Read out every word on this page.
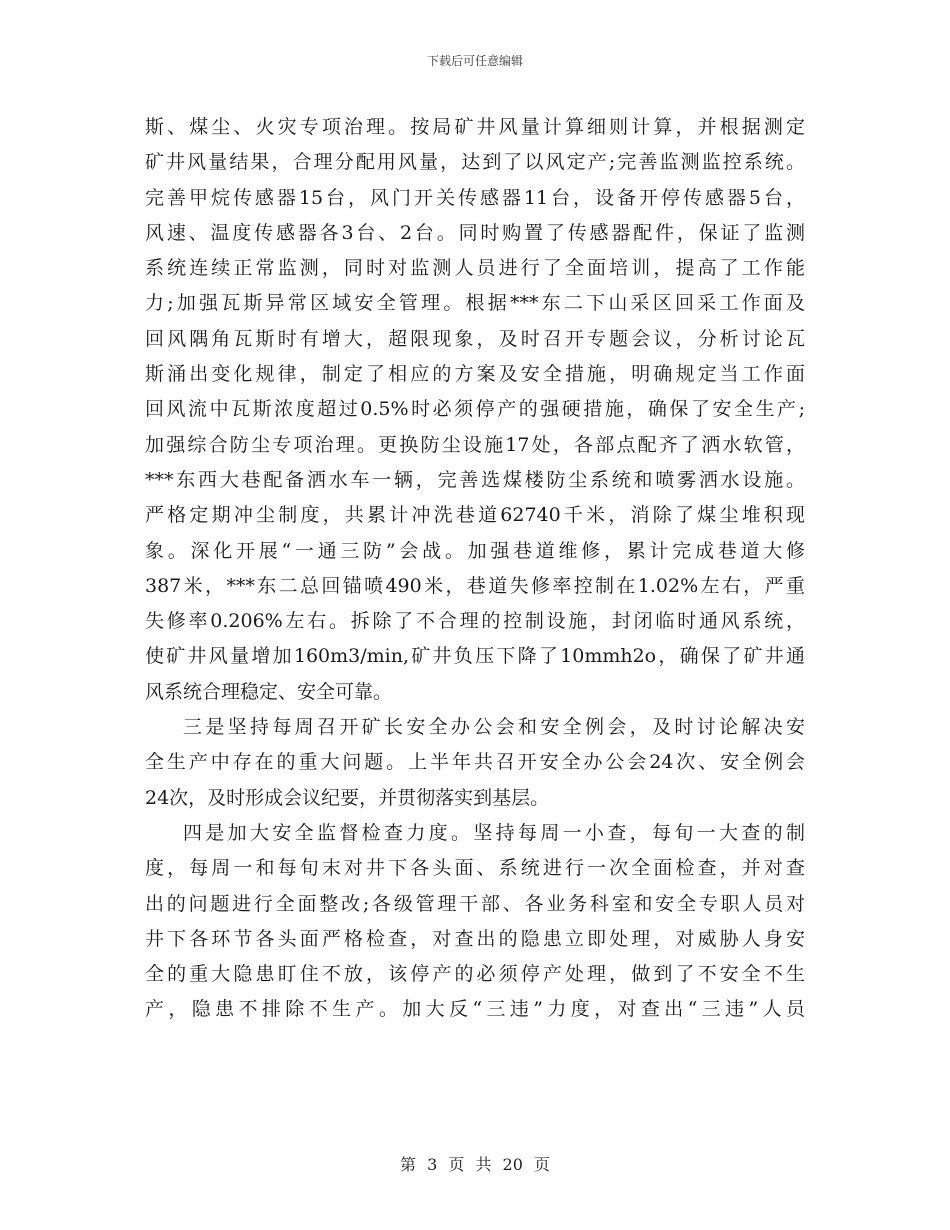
下载后可任意编辑
斯、煤尘、火灾专项治理。按局矿井风量计算细则计算，并根据测定
矿井风量结果，合理分配用风量，达到了以风定产;完善监测监控系统。
完善甲烷传感器15台，风门开关传感器11台，设备开停传感器5台，
风速、温度传感器各3台、2台。同时购置了传感器配件，保证了监测
系统连续正常监测，同时对监测人员进行了全面培训，提高了工作能
力;加强瓦斯异常区域安全管理。根据***东二下山采区回采工作面及
回风隅角瓦斯时有增大，超限现象，及时召开专题会议，分析讨论瓦
斯涌出变化规律，制定了相应的方案及安全措施，明确规定当工作面
回风流中瓦斯浓度超过0.5%时必须停产的强硬措施，确保了安全生产;
加强综合防尘专项治理。更换防尘设施17处，各部点配齐了洒水软管，
***东西大巷配备洒水车一辆，完善选煤楼防尘系统和喷雾洒水设施。
严格定期冲尘制度，共累计冲洗巷道62740千米，消除了煤尘堆积现
象。深化开展“一通三防”会战。加强巷道维修，累计完成巷道大修
387米，***东二总回锚喷490米，巷道失修率控制在1.02%左右，严重
失修率0.206%左右。拆除了不合理的控制设施，封闭临时通风系统，
使矿井风量增加160m3/min,矿井负压下降了10mmh2o，确保了矿井通
风系统合理稳定、安全可靠。
三是坚持每周召开矿长安全办公会和安全例会，及时讨论解决安
全生产中存在的重大问题。上半年共召开安全办公会24次、安全例会
24次，及时形成会议纪要，并贯彻落实到基层。
四是加大安全监督检查力度。坚持每周一小查，每旬一大查的制
度，每周一和每旬末对井下各头面、系统进行一次全面检查，并对查
出的问题进行全面整改;各级管理干部、各业务科室和安全专职人员对
井下各环节各头面严格检查，对查出的隐患立即处理，对威胁人身安
全的重大隐患盯住不放，该停产的必须停产处理，做到了不安全不生
产，隐患不排除不生产。加大反“三违”力度，对查出“三违”人员
第 3 页 共 20 页
